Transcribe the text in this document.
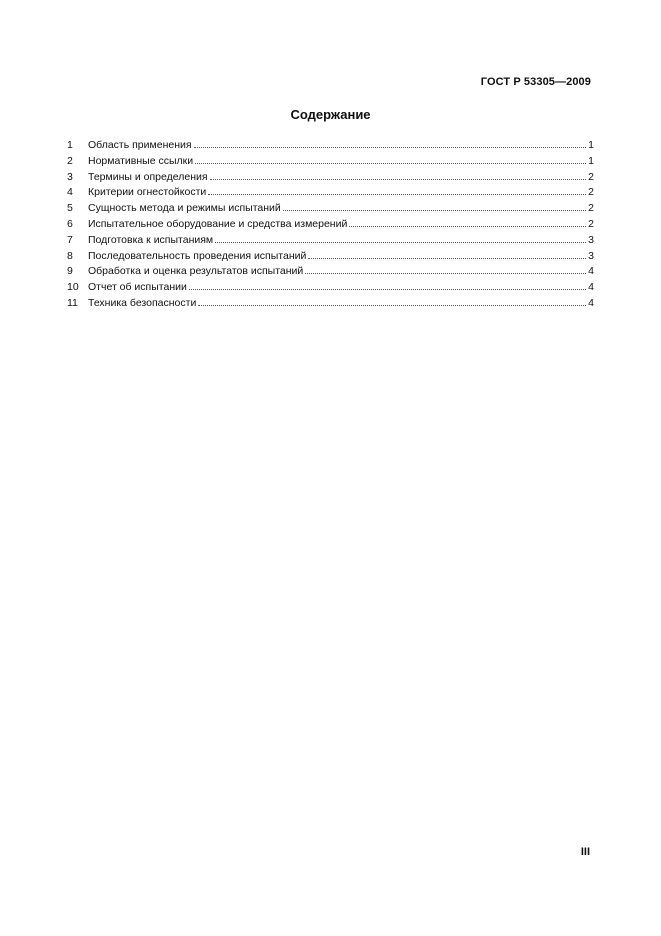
ГОСТ Р 53305—2009
Содержание
1	Область применения	1
2	Нормативные ссылки	1
3	Термины и определения	2
4	Критерии огнестойкости	2
5	Сущность метода и режимы испытаний	2
6	Испытательное оборудование и средства измерений	2
7	Подготовка к испытаниям	3
8	Последовательность проведения испытаний	3
9	Обработка и оценка результатов испытаний	4
10 Отчет об испытании	4
11 Техника безопасности	4
III
